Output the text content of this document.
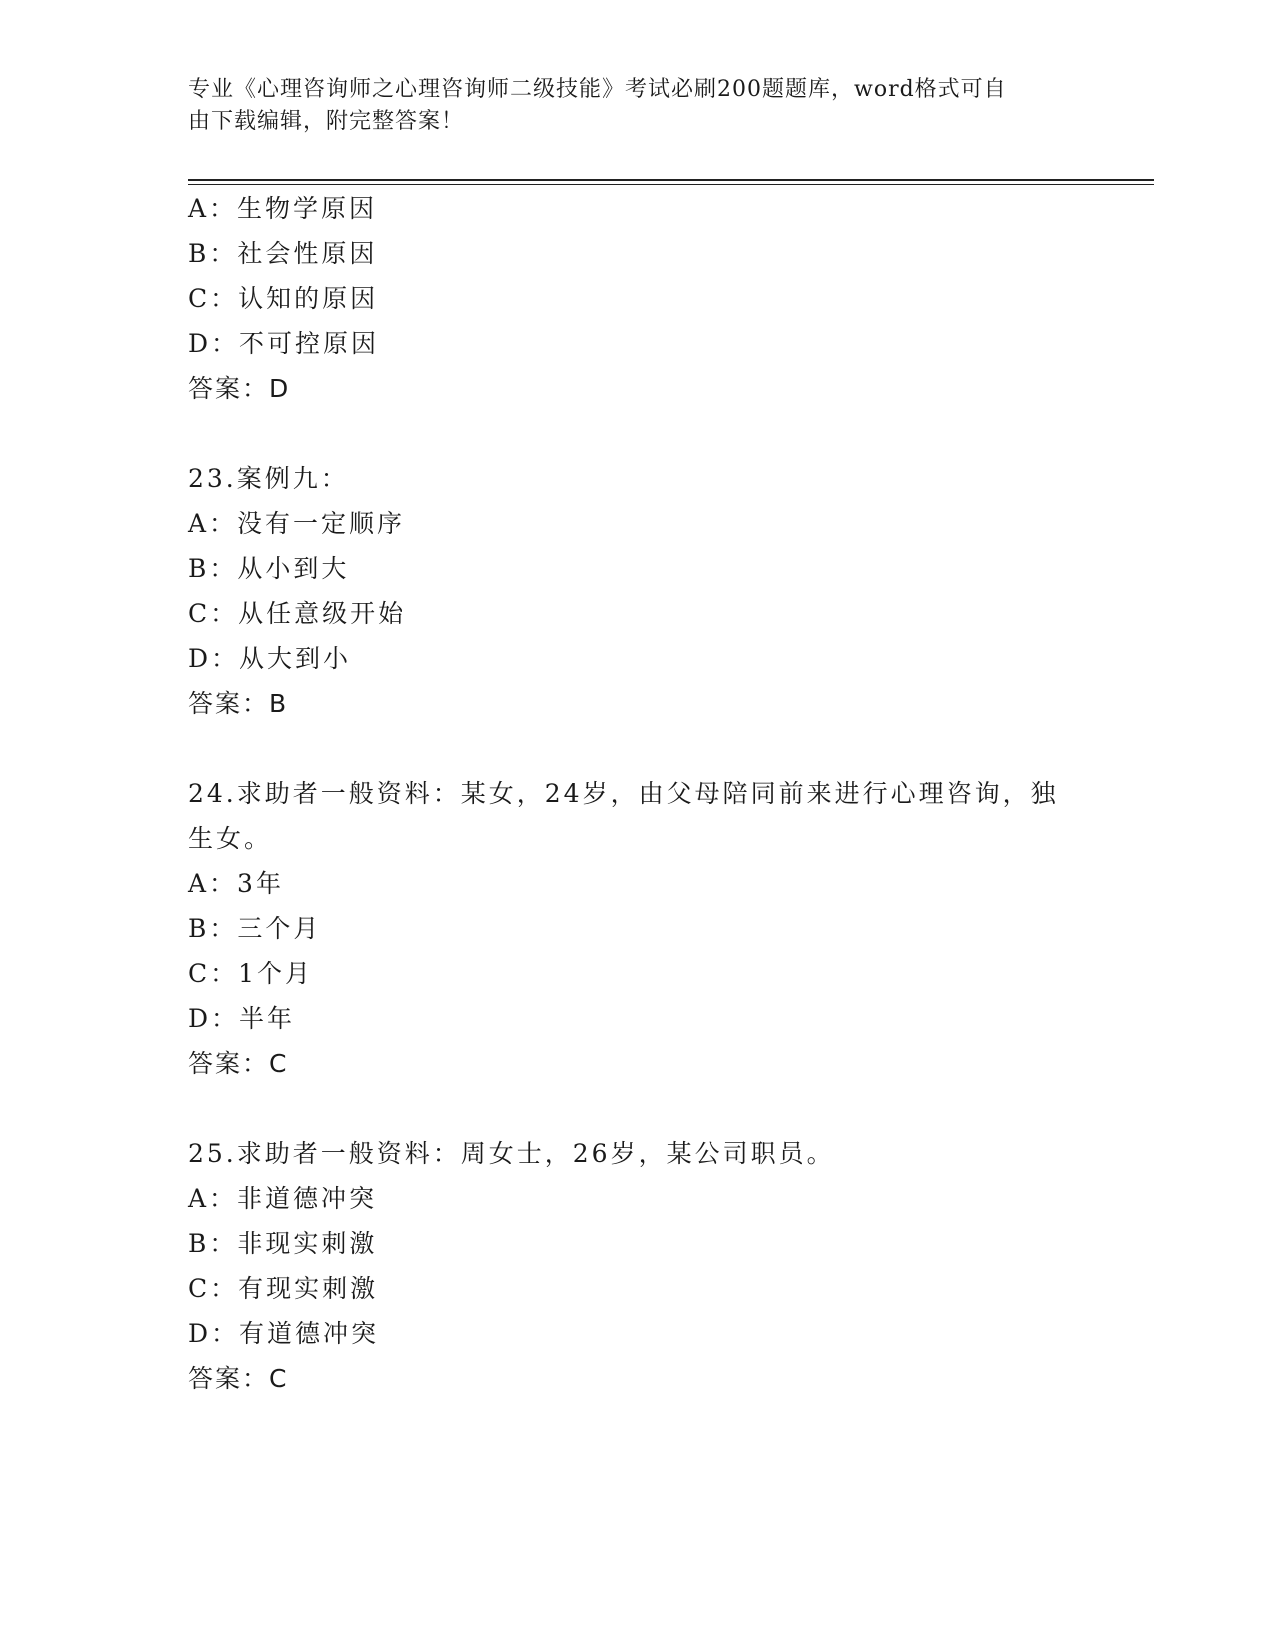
专业《心理咨询师之心理咨询师二级技能》考试必刷200题题库，word格式可自
由下载编辑，附完整答案！
A：生物学原因
B：社会性原因
C：认知的原因
D：不可控原因
答案：D
23.案例九：
A：没有一定顺序
B：从小到大
C：从任意级开始
D：从大到小
答案：B
24.求助者一般资料：某女，24岁，由父母陪同前来进行心理咨询，独
生女。
A：3年
B：三个月
C：1个月
D：半年
答案：C
25.求助者一般资料：周女士，26岁，某公司职员。
A：非道德冲突
B：非现实刺激
C：有现实刺激
D：有道德冲突
答案：C
